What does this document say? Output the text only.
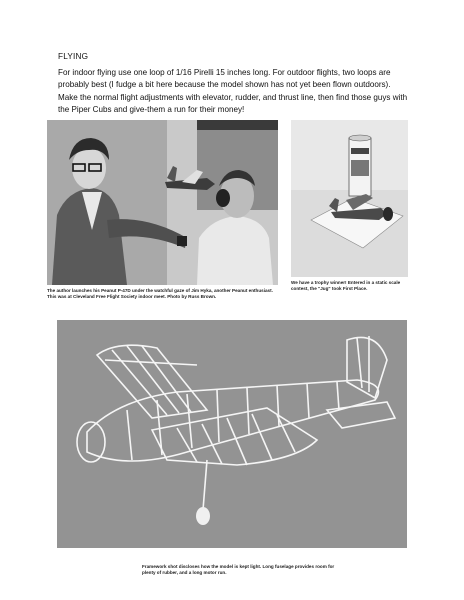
FLYING
For indoor flying use one loop of 1/16 Pirelli 15 inches long. For outdoor flights, two loops are probably best (I fudge a bit here because the model shown has not yet been flown outdoors). Make the normal flight adjustments with elevator, rudder, and thrust line, then find those guys with the Piper Cubs and give-them a run for their money!
The author launches his Peanut P-47D under the watchful gaze of Jim Hyka, another Peanut enthusiast. This was at Cleveland Free Flight Society indoor meet. Photo by Russ Brown.
We have a trophy winner! Entered in a static scale contest, the "Jug" took First Place.
Framework shot discloses how the model is kept light. Long fuselage provides room for plenty of rubber, and a long motor run.
